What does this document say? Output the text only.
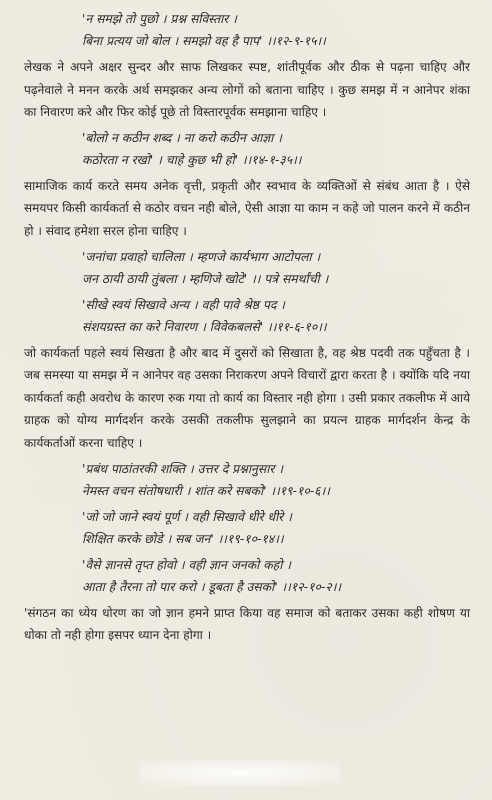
'न समझे तो पुछो । प्रश्न सविस्तार ।
बिना प्रत्यय जो बोल । समझो वह है पाप' ।।१२-९-१५।।

लेखक ने अपने अक्षर सुन्दर और साफ लिखकर स्पष्ट, शांतीपूर्वक और ठीक से पढ़ना चाहिए और पढ़नेवाले ने मनन करके अर्थ समझकर अन्य लोगों को बताना चाहिए । कुछ समझ में न आनेपर शंका का निवारण करे और फिर कोई पूछे तो विस्तारपूर्वक समझाना चाहिए ।

'बोलो न कठीन शब्द । ना करो कठीन आज्ञा ।
कठोरता न रखो' । चाहे कुछ भी हो' ।।१४-१-३५।।

सामाजिक कार्य करते समय अनेक वृत्ती, प्रकृती और स्वभाव के व्यक्तिओं से संबंध आता है । ऐसे समयपर किसी कार्यकर्ता से कठोर वचन नही बोले, ऐसी आज्ञा या काम न कहे जो पालन करने में कठीन हो । संवाद हमेशा सरल होना चाहिए ।

'जनांचा प्रवाहो चालिला । म्हणजे कार्यभाग आटोपला ।
जन ठायी ठायी तुंबला । म्हणिजे खोटे' ।। पत्रे समर्थांची ।
'सीखे स्वयं सिखावे अन्य । वही पावे श्रेष्ठ पद ।
संशयग्रस्त का करे निवारण । विवेकबलसे' ।।११-६-१०।।

जो कार्यकर्ता पहले स्वयं सिखता है और बाद में दुसरों को सिखाता है, वह श्रेष्ठ पदवी तक पहुँचता है । जब समस्या या समझ में न आनेपर वह उसका निराकरण अपने विचारों द्वारा करता है । क्योंकि यदि नया कार्यकर्ता कही अवरोध के कारण रुक गया तो कार्य का विस्तार नही होगा । उसी प्रकार तकलीफ में आये ग्राहक को योग्य मार्गदर्शन करके उसकी तकलीफ सुलझाने का प्रयत्न ग्राहक मार्गदर्शन केन्द्र के कार्यकर्ताओं करना चाहिए ।

'प्रबंध पाठांतरकी शक्ति । उत्तर दे प्रश्नानुसार ।
नेमस्त वचन संतोषधारी । शांत करे सबको' ।।१९-१०-६।।
'जो जो जाने स्वयं पूर्ण । वही सिखावे धीरे धीरे ।
शिक्षित करके छोडे । सब जन' ।।१९-१०-१४।।
'वैसे ज्ञानसे तृप्त होवो । वही ज्ञान जनको कहो ।
आता है तैरना तो पार करो । डूबता है उसको' ।।१२-१०-२।।

'संगठन का ध्येय धोरण का जो ज्ञान हमने प्राप्त किया वह समाज को बताकर उसका कही शोषण या धोका तो नही होगा इसपर ध्यान देना होगा ।
